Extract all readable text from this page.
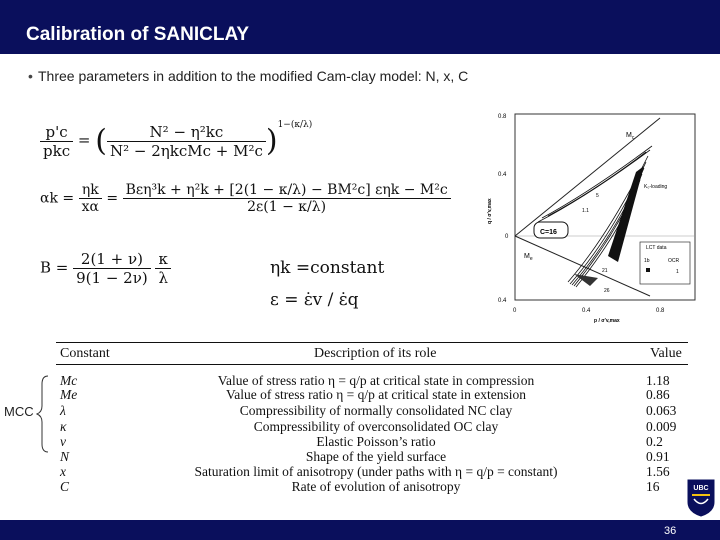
Calibration of SANICLAY
• Three parameters in addition to the modified Cam-clay model: N, x, C
$\frac{p'c}{\text{pkc}}$ = ( $\frac{\text{N² − η²kc}}{\text{N² − 2ηkcMc + M²c}} )^{1-(\kappa/\lambda)}$
$\alpha k = \frac{\eta k}{x\alpha} = \frac{\text{Bεη³k + η²k + [2(1 − κ/λ) − BM²c] εηk − M²c}}{2\varepsilon(1 - \kappa/\lambda)}$
$B = \frac{2(1 + \nu)}{9(1 - 2\nu)}$
$\frac{\kappa}{\lambda}$	ηk =constant
ε = ε̇v / ε̇q
C=16
$M_c$
$M_e$
K₀-loading
1.1
21
26
5
LCT data
1b	OCR
1
0.8
0.4
0
0.4
0	0.4	0.8
p / σ'v,max
q / σ'v,max
Constant	Description of its role	Value
Mc	Value of stress ratio η = q/p at critical state in compression	1.18
Me	Value of stress ratio η = q/p at critical state in extension	0.86
λ	Compressibility of normally consolidated NC clay	0.063
κ	Compressibility of overconsolidated OC clay	0.009
ν	Elastic Poisson’s ratio	0.2
N	Shape of the yield surface	0.91
x	Saturation limit of anisotropy (under paths with η = q/p = constant)	1.56
C	Rate of evolution of anisotropy	16
MCC
UBC
36
